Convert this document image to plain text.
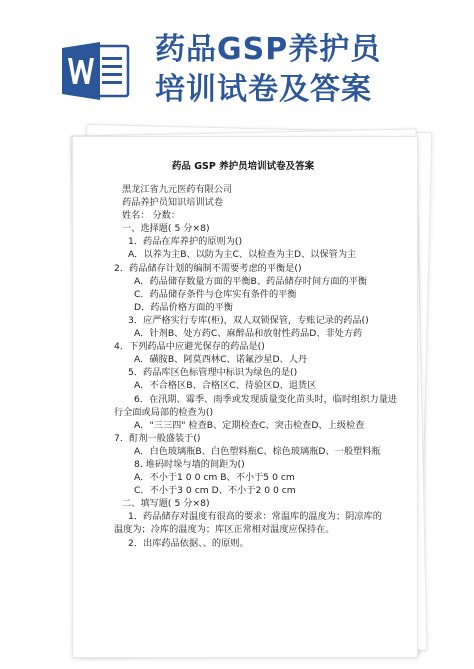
药品GSP养护员
培训试卷及答案
药品 GSP 养护员培训试卷及答案
黑龙江省九元医药有限公司
药品养护员知识培训试卷
姓名： 分数：
一、选择题( 5 分×8)
1．药品在库养护的原则为()
A．以养为主B、以防为主C、以检查为主D、以保管为主
2．药品储存计划的编制不需要考虑的平衡是()
A．药品储存数量方面的平衡B、药品储存时间方面的平衡
C．药品储存条件与仓库实有条件的平衡
D．药品价格方面的平衡
3．应严格实行专库(柜)，双人双锁保管，专账记录的药品()
A．针剂B、处方药C、麻醉品和放射性药品D、非处方药
4．下列药品中应避光保存的药品是()
A．磺胺B、阿莫西林C、诺氟沙星D、人丹
5．药品库区色标管理中标识为绿色的是()
A．不合格区B、合格区C、待验区D、退货区
6．在汛期、霉季、雨季或发现质量变化苗头时，临时组织力量进
行全面或局部的检查为()
A．"三三四" 检查B、定期检查C、突击检查D、上级检查
7．酊剂一般盛装于()
A．白色玻璃瓶B、白色塑料瓶C、棕色玻璃瓶D、一般塑料瓶
8. 堆码时垛与墙的间距为()
A．不小于1 0 0 cm B、不小于5 0 cm
C．不小于3 0 cm D、不小于2 0 0 cm
二、填写题( 5 分×8)
1．药品储存对温度有很高的要求：常温库的温度为；阴凉库的
温度为；冷库的温度为；库区正常相对温度应保持在。
2．出库药品依据、、的原则。
